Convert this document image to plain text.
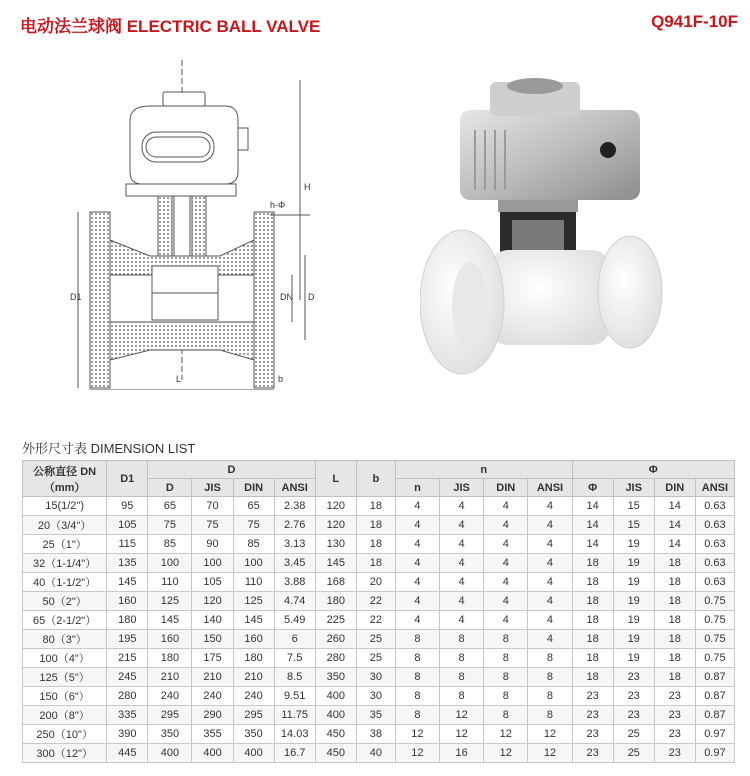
电动法兰球阀 ELECTRIC BALL VALVE	Q941F-10F
h-Φ
H
D1	DN D
L	b
外形尺寸表 DIMENSION LIST
公称直径 DN（mm）	D1	D				L	b	n				Φ			
		D	JIS	DIN	ANSI			n	JIS	DIN	ANSI	Φ	JIS	DIN	ANSI
15(1/2")	95	65	70	65	2.38	120	18	4	4	4	4	14	15	14	0.63
20（3/4"）	105	75	75	75	2.76	120	18	4	4	4	4	14	15	14	0.63
25（1"）	115	85	90	85	3.13	130	18	4	4	4	4	14	19	14	0.63
32（1-1/4"）	135	100	100	100	3.45	145	18	4	4	4	4	18	19	18	0.63
40（1-1/2"）	145	110	105	110	3.88	168	20	4	4	4	4	18	19	18	0.63
50（2"）	160	125	120	125	4.74	180	22	4	4	4	4	18	19	18	0.75
65（2-1/2"）	180	145	140	145	5.49	225	22	4	4	4	4	18	19	18	0.75
80（3"）	195	160	150	160	6	260	25	8	8	8	4	18	19	18	0.75
100（4"）	215	180	175	180	7.5	280	25	8	8	8	8	18	19	18	0.75
125（5"）	245	210	210	210	8.5	350	30	8	8	8	8	18	23	18	0.87
150（6"）	280	240	240	240	9.51	400	30	8	8	8	8	23	23	23	0.87
200（8"）	335	295	290	295	11.75	400	35	8	12	8	8	23	23	23	0.87
250（10"）	390	350	355	350	14.03	450	38	12	12	12	12	23	25	23	0.97
300（12"）	445	400	400	400	16.7	450	40	12	16	12	12	23	25	23	0.97
